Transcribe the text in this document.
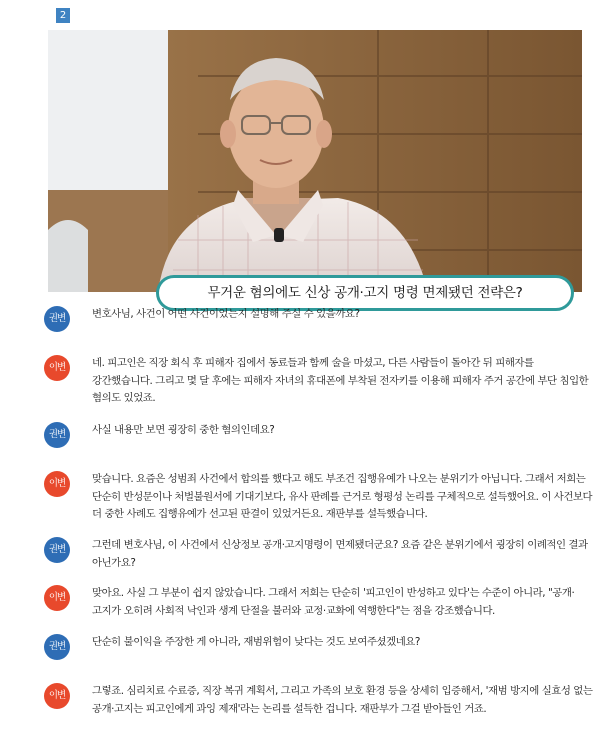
2
무거운 혐의에도 신상 공개·고지 명령 면제됐던 전략은?
권변	변호사님, 사건이 어떤 사건이었는지 설명해 주실 수 있을까요?
이변	네. 피고인은 직장 회식 후 피해자 집에서 동료들과 함께 술을 마셨고, 다른 사람들이 돌아간 뒤 피해자를 강간했습니다. 그리고 몇 달 후에는 피해자 자녀의 휴대폰에 부착된 전자키를 이용해 피해자 주거 공간에 부단 침입한 혐의도 있었죠.
권변	사실 내용만 보면 굉장히 중한 혐의인데요?
이변	맞습니다. 요즘은 성범죄 사건에서 합의를 했다고 해도 부조건 집행유예가 나오는 분위기가 아닙니다. 그래서 저희는 단순히 반성문이나 처벌불원서에 기대기보다, 유사 판례를 근거로 형평성 논리를 구체적으로 설득했어요. 이 사건보다 더 중한 사례도 집행유예가 선고된 판결이 있었거든요. 재판부를 설득했습니다.
권변	그런데 변호사님, 이 사건에서 신상정보 공개·고지명령이 면제됐더군요? 요즘 같은 분위기에서 굉장히 이례적인 결과 아닌가요?
이변	맞아요. 사실 그 부분이 쉽지 않았습니다. 그래서 저희는 단순히 '피고인이 반성하고 있다'는 수준이 아니라, "공개·고지가 오히려 사회적 낙인과 생계 단절을 불러와 교정·교화에 역행한다"는 점을 강조했습니다.
권변	단순히 불이익을 주장한 게 아니라, 재범위험이 낮다는 것도 보여주셨겠네요?
이변	그렇죠. 심리치료 수료증, 직장 복귀 계획서, 그리고 가족의 보호 환경 등을 상세히 입증해서, '재범 방지에 실효성 없는 공개·고지는 피고인에게 과잉 제재'라는 논리를 설득한 겁니다. 재판부가 그걸 받아들인 거죠.
